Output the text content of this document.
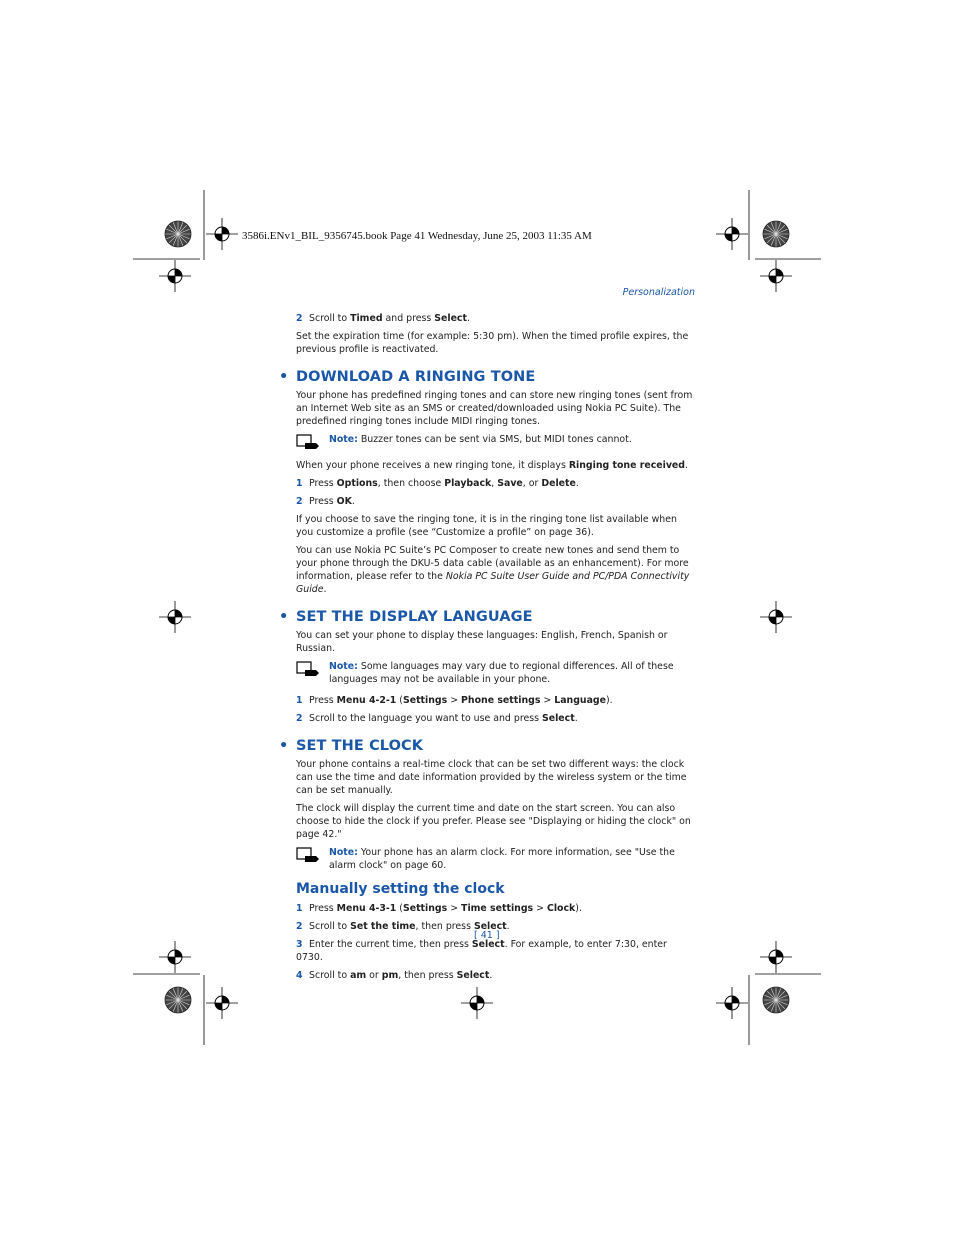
3586i.ENv1_BIL_9356745.book Page 41 Wednesday, June 25, 2003 11:35 AM
Personalization
2 Scroll to Timed and press Select.

Set the expiration time (for example: 5:30 pm). When the timed profile expires, the previous profile is reactivated.

• DOWNLOAD A RINGING TONE

Your phone has predefined ringing tones and can store new ringing tones (sent from an Internet Web site as an SMS or created/downloaded using Nokia PC Suite). The predefined ringing tones include MIDI ringing tones.

Note: Buzzer tones can be sent via SMS, but MIDI tones cannot.

When your phone receives a new ringing tone, it displays Ringing tone received.

1 Press Options, then choose Playback, Save, or Delete.
2 Press OK.

If you choose to save the ringing tone, it is in the ringing tone list available when you customize a profile (see “Customize a profile” on page 36).

You can use Nokia PC Suite’s PC Composer to create new tones and send them to your phone through the DKU-5 data cable (available as an enhancement). For more information, please refer to the Nokia PC Suite User Guide and PC/PDA Connectivity Guide.

• SET THE DISPLAY LANGUAGE

You can set your phone to display these languages: English, French, Spanish or Russian.

Note: Some languages may vary due to regional differences. All of these languages may not be available in your phone.
1 Press Menu 4-2-1 (Settings > Phone settings > Language).
2 Scroll to the language you want to use and press Select.
• SET THE CLOCK

Your phone contains a real-time clock that can be set two different ways: the clock can use the time and date information provided by the wireless system or the time can be set manually.

The clock will display the current time and date on the start screen. You can also choose to hide the clock if you prefer. Please see "Displaying or hiding the clock" on page 42."

Note: Your phone has an alarm clock. For more information, see "Use the alarm clock" on page 60.
Manually setting the clock
1 Press Menu 4-3-1 (Settings > Time settings > Clock).
2 Scroll to Set the time, then press Select.
3 Enter the current time, then press Select. For example, to enter 7:30, enter 0730.
4 Scroll to am or pm, then press Select.
[ 41 ]
